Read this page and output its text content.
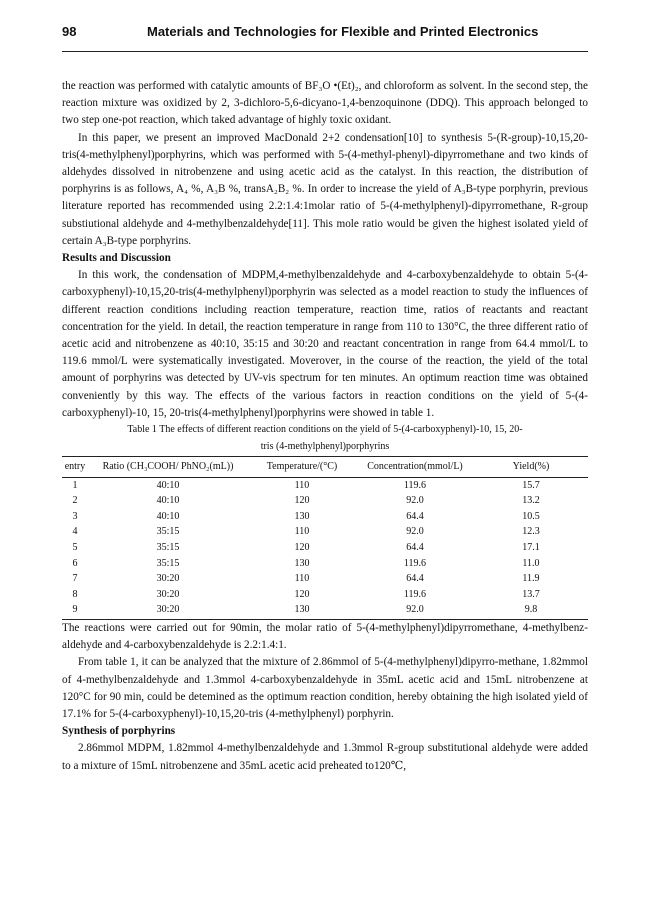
98	Materials and Technologies for Flexible and Printed Electronics

the reaction was performed with catalytic amounts of BF₃O •(Et)₂, and chloroform as solvent. In the second step, the reaction mixture was oxidized by 2, 3-dichloro-5,6-dicyano-1,4-benzoquinone (DDQ). This approach belonged to two step one-pot reaction, which taked advantage of highly toxic oxidant.

In this paper, we present an improved MacDonald 2+2 condensation[10] to synthesis 5-(R-group)-10,15,20-tris(4-methylphenyl)porphyrins, which was performed with 5-(4-methyl-phenyl)-dipyrromethane and two kinds of aldehydes dissolved in nitrobenzene and using acetic acid as the catalyst. In this reaction, the distribution of porphyrins is as follows, A₄ %, A₃B %, transA₂B₂ %. In order to increase the yield of A₃B-type porphyrin, previous literature reported has recommended using 2.2:1.4:1molar ratio of 5-(4-methylphenyl)-dipyrromethane, R-group substiutional aldehyde and 4-methylbenzaldehyde[11]. This mole ratio would be given the highest isolated yield of certain A₃B-type porphyrins.

Results and Discussion

In this work, the condensation of MDPM,4-methylbenzaldehyde and 4-carboxybenzaldehyde to obtain 5-(4-carboxyphenyl)-10,15,20-tris(4-methylphenyl)porphyrin was selected as a model reaction to study the influences of different reaction conditions including reaction temperature, reaction time, ratios of reactants and reactant concentration for the yield. In detail, the reaction temperature in range from 110 to 130°C, the three different ratio of acetic acid and nitrobenzene as 40:10, 35:15 and 30:20 and reactant concentration in range from 64.4 mmol/L to 119.6 mmol/L were systematically investigated. Moverover, in the course of the reaction, the yield of the total amount of porphyrins was detected by UV-vis spectrum for ten minutes. An optimum reaction time was obtained conveniently by this way. The effects of the various factors in reaction conditions on the yield of 5-(4-carboxyphenyl)-10, 15, 20-tris(4-methylphenyl)porphyrins were showed in table 1.

Table 1 The effects of different reaction conditions on the yield of 5-(4-carboxyphenyl)-10, 15, 20-
tris (4-methylphenyl)porphyrins
entry	Ratio (CH₃COOH/ PhNO₂(mL))	Temperature/(°C)	Concentration(mmol/L)	Yield(%)
1	40:10	110	119.6	15.7
2	40:10	120	92.0	13.2
3	40:10	130	64.4	10.5
4	35:15	110	92.0	12.3
5	35:15	120	64.4	17.1
6	35:15	130	119.6	11.0
7	30:20	110	64.4	11.9
8	30:20	120	119.6	13.7
9	30:20	130	92.0	9.8

The reactions were carried out for 90min, the molar ratio of 5-(4-methylphenyl)dipyrromethane, 4-methylbenz- aldehyde and 4-carboxybenzaldehyde is 2.2:1.4:1.

From table 1, it can be analyzed that the mixture of 2.86mmol of 5-(4-methylphenyl)dipyrro-methane, 1.82mmol of 4-methylbenzaldehyde and 1.3mmol 4-carboxybenzaldehyde in 35mL acetic acid and 15mL nitrobenzene at 120°C for 90 min, could be detemined as the optimum reaction condition, hereby obtaining the high isolated yield of 17.1% for 5-(4-carboxyphenyl)-10,15,20-tris (4-methylphenyl) porphyrin.

Synthesis of porphyrins

2.86mmol MDPM, 1.82mmol 4-methylbenzaldehyde and 1.3mmol R-group substitutional aldehyde were added to a mixture of 15mL nitrobenzene and 35mL acetic acid preheated to120℃,
